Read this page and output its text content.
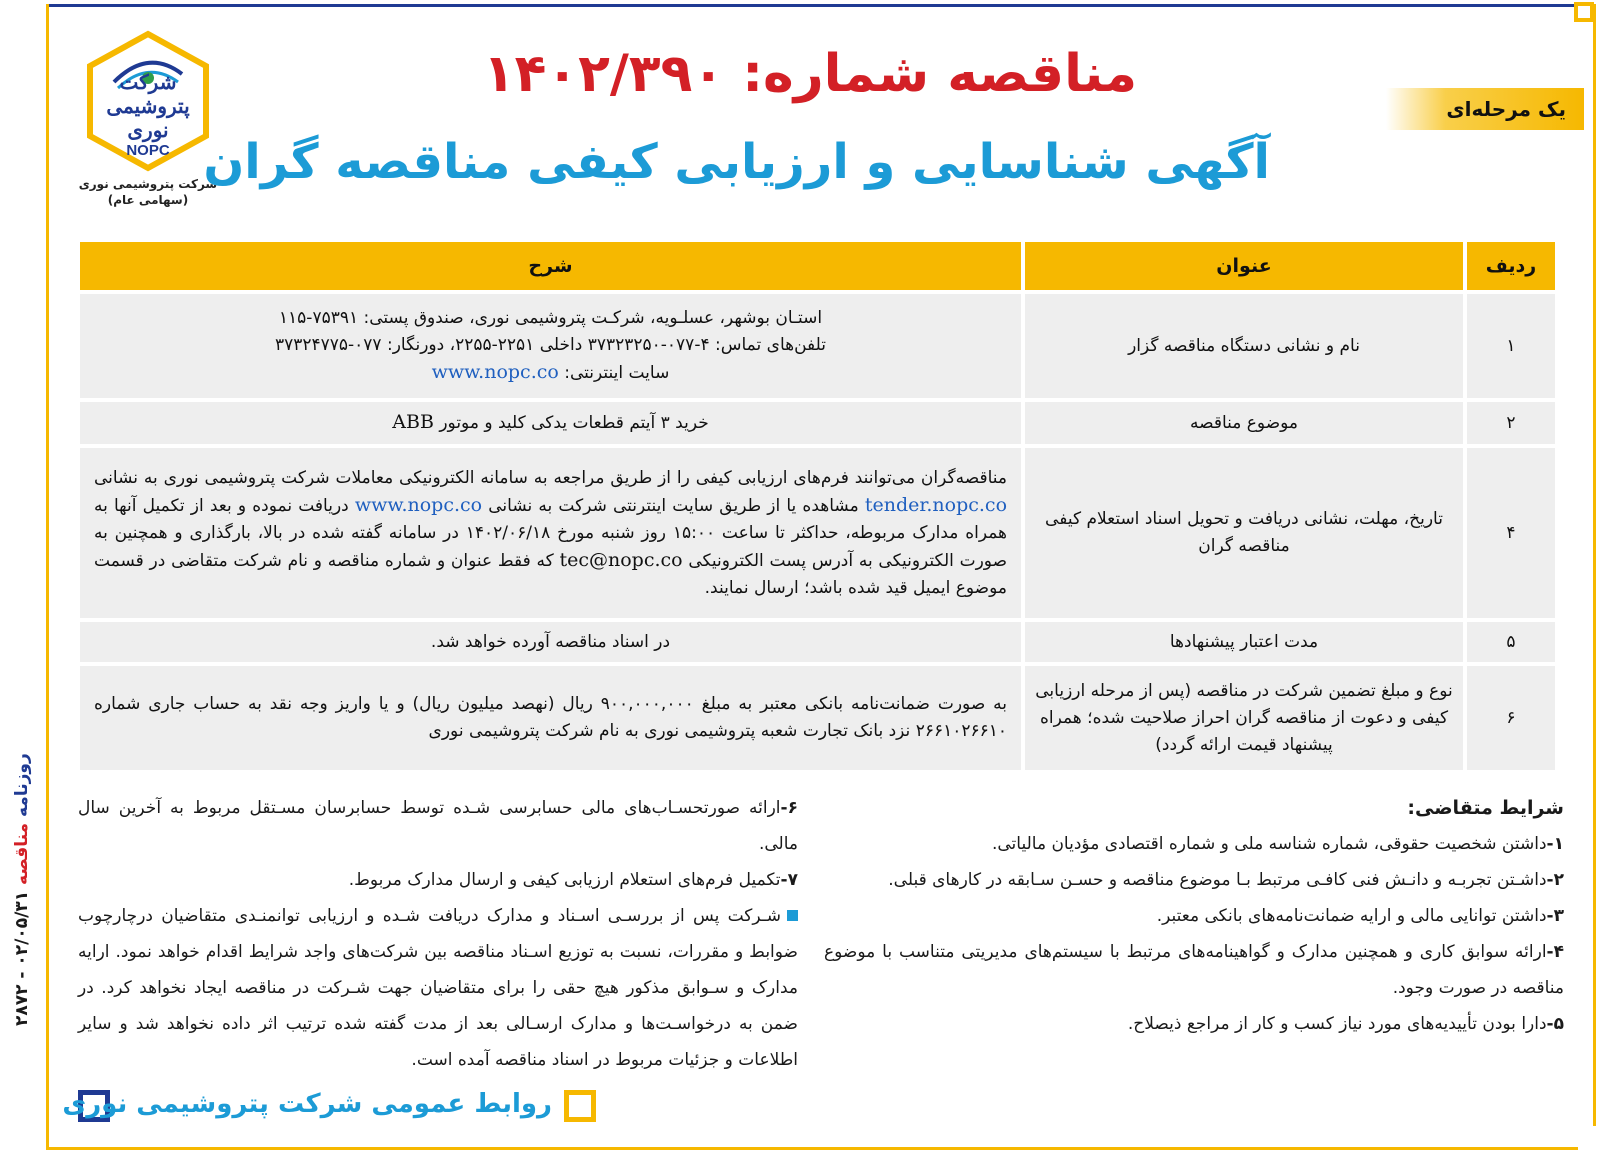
شرکت پتروشیمی نوری
NOPC
شرکت پتروشیمی نوری
(سهامی عام)
مناقصه شماره: ۱۴۰۲/۳۹۰
آگهی شناسایی و ارزیابی کیفی مناقصه گران
یک مرحله‌ای
ردیف	عنوان	شرح
۱	نام و نشانی دستگاه مناقصه گزار	استـان بوشهر، عسلـویه، شرکـت پتروشیمی نوری، صندوق پستی: ۷۵۳۹۱-۱۱۵
تلفن‌های تماس: ۴-۰۷۷-۳۷۳۲۳۲۵۰ داخلی ۲۲۵۱-۲۲۵۵، دورنگار: ۰۷۷-۳۷۳۲۴۷۷۵
سایت اینترنتی: www.nopc.co

۲	موضوع مناقصه	خرید ۳ آیتم قطعات یدکی کلید و موتور ABB
۴	تاریخ، مهلت، نشانی دریافت و تحویل اسناد استعلام کیفی مناقصه گران	مناقصه‌گران می‌توانند فرم‌های ارزیابی کیفی را از طریق مراجعه به سامانه الکترونیکی معاملات شرکت پتروشیمی نوری به نشانی tender.nopc.co مشاهده یا از طریق سایت اینترنتی شرکت به نشانی www.nopc.co دریافت نموده و بعد از تکمیل آنها به همراه مدارک مربوطه، حداکثر تا ساعت ۱۵:۰۰ روز شنبه مورخ ۱۴۰۲/۰۶/۱۸ در سامانه گفته شده در بالا، بارگذاری و همچنین به صورت الکترونیکی به آدرس پست الکترونیکی tec@nopc.co که فقط عنوان و شماره مناقصه و نام شرکت متقاضی در قسمت موضوع ایمیل قید شده باشد؛ ارسال نمایند.
۵	مدت اعتبار پیشنهادها	در اسناد مناقصه آورده خواهد شد.
۶	نوع و مبلغ تضمین شرکت در مناقصه (پس از مرحله ارزیابی کیفی و دعوت از مناقصه گران احراز صلاحیت شده؛ همراه پیشنهاد قیمت ارائه گردد)	به صورت ضمانت‌نامه بانکی معتبر به مبلغ ۹۰۰,۰۰۰,۰۰۰ ریال (نهصد میلیون ریال) و یا واریز وجه نقد به حساب جاری شماره ۲۶۶۱۰۲۶۶۱۰ نزد بانک تجارت شعبه پتروشیمی نوری به نام شرکت پتروشیمی نوری
شرایط متقاضی:
۱-داشتن شخصیت حقوقی، شماره شناسه ملی و شماره اقتصادی مؤدیان مالیاتی.
۲-داشـتن تجربـه و دانـش فنی کافـی مرتبط بـا موضوع مناقصه و حسـن سـابقه در کارهای قبلی.
۳-داشتن توانایی مالی و ارایه ضمانت‌نامه‌های بانکی معتبر.
۴-ارائه سوابق کاری و همچنین مدارک و گواهینامه‌های مرتبط با سیستم‌های مدیریتی متناسب با موضوع مناقصه در صورت وجود.
۵-دارا بودن تأییدیه‌های مورد نیاز کسب و کار از مراجع ذیصلاح.
۶-ارائه صورتحسـاب‌های مالی حسابرسی شـده توسط حسابرسان مسـتقل مربوط به آخرین سال مالی.
۷-تکمیل فرم‌های استعلام ارزیابی کیفی و ارسال مدارک مربوط.
شـرکت پس از بررسـی اسـناد و مدارک دریافت شـده و ارزیابی توانمنـدی متقاضیان درچارچوب ضوابط و مقررات، نسبت به توزیع اسـناد مناقصه بین شرکت‌های واجد شرایط اقدام خواهد نمود. ارایه مدارک و سـوابق مذکور هیچ حقی را برای متقاضیان جهت شـرکت در مناقصه ایجاد نخواهد کرد. در ضمن به درخواسـت‌ها و مدارک ارسـالی بعد از مدت گفته شده ترتیب اثر داده نخواهد شد و سایر اطلاعات و جزئیات مربوط در اسناد مناقصه آمده است.
روابط عمومی شرکت پتروشیمی نوری
روزنامه مناقصه ۰۲/۰۵/۳۱ - ۲۸۷۲
